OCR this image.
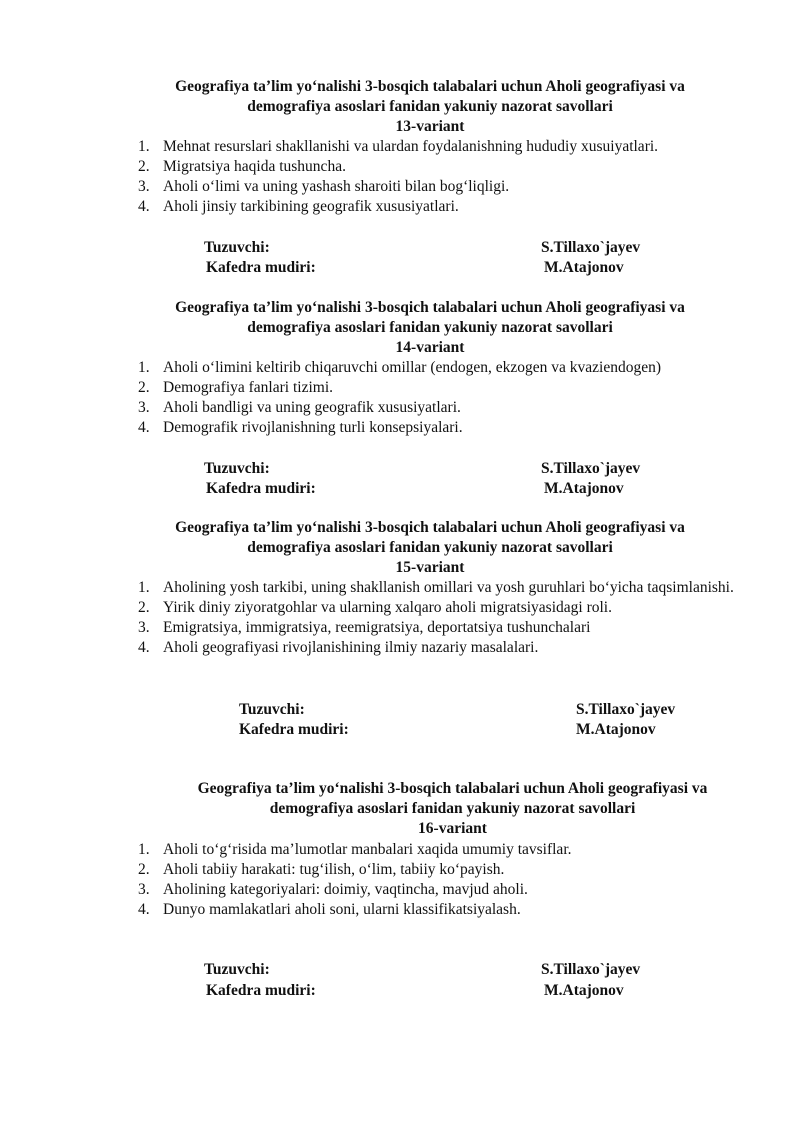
Geografiya ta’lim yo‘nalishi 3-bosqich talabalari uchun Aholi geografiyasi va

demografiya asoslari fanidan yakuniy nazorat savollari

13-variant

1. Mehnat resurslari shakllanishi va ulardan foydalanishning hududiy xusuiyatlari.
2. Migratsiya haqida tushuncha.
3. Aholi o‘limi va uning yashash sharoiti bilan bog‘liqligi.
4. Aholi jinsiy tarkibining geografik xususiyatlari.
Tuzuvchi:	S.Tillaxo`jayev
Kafedra mudiri:	M.Atajonov

Geografiya ta’lim yo‘nalishi 3-bosqich talabalari uchun Aholi geografiyasi va

demografiya asoslari fanidan yakuniy nazorat savollari

14-variant

1. Aholi o‘limini keltirib chiqaruvchi omillar (endogen, ekzogen va kvaziendogen)
2. Demografiya fanlari tizimi.
3. Aholi bandligi va uning geografik xususiyatlari.
4. Demografik rivojlanishning turli konsepsiyalari.
Tuzuvchi:	S.Tillaxo`jayev
Kafedra mudiri:	M.Atajonov

Geografiya ta’lim yo‘nalishi 3-bosqich talabalari uchun Aholi geografiyasi va

demografiya asoslari fanidan yakuniy nazorat savollari

15-variant

1. Aholining yosh tarkibi, uning shakllanish omillari va yosh guruhlari bo‘yicha taqsimlanishi.
2. Yirik diniy ziyoratgohlar va ularning xalqaro aholi migratsiyasidagi roli.
3. Emigratsiya, immigratsiya, reemigratsiya, deportatsiya tushunchalari
4. Aholi geografiyasi rivojlanishining ilmiy nazariy masalalari.
Tuzuvchi:	S.Tillaxo`jayev
Kafedra mudiri:	M.Atajonov

Geografiya ta’lim yo‘nalishi 3-bosqich talabalari uchun Aholi geografiyasi va

demografiya asoslari fanidan yakuniy nazorat savollari

16-variant

1. Aholi to‘g‘risida ma’lumotlar manbalari xaqida umumiy tavsiflar.
2. Aholi tabiiy harakati: tug‘ilish, o‘lim, tabiiy ko‘payish.
3. Aholining kategoriyalari: doimiy, vaqtincha, mavjud aholi.
4. Dunyo mamlakatlari aholi soni, ularni klassifikatsiyalash.
Tuzuvchi:	S.Tillaxo`jayev
Kafedra mudiri:	M.Atajonov
